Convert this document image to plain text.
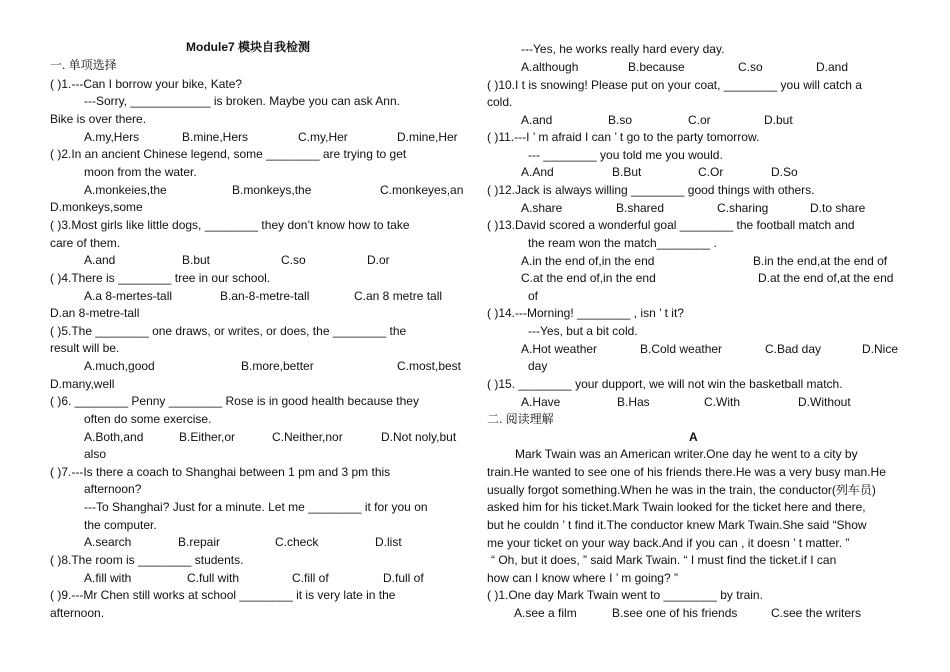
Module7 模块自我检测
一. 单项选择
( )1.---Can I borrow your bike, Kate?
---Sorry, ____________ is broken. Maybe you can ask Ann.
Bike is over there.
A.my,Hers	B.mine,Hers	C.my,Her	D.mine,Her
( )2.In an ancient Chinese legend, some ________ are trying to get
moon from the water.
A.monkeies,the	B.monkeys,the	C.monkeyes,an
D.monkeys,some
( )3.Most girls like little dogs, ________ they don’t know how to take
care of them.
A.and	B.but	C.so	D.or
( )4.There is ________ tree in our school.
A.a 8-mertes-tall	B.an-8-metre-tall	C.an 8 metre tall
D.an 8-metre-tall
( )5.The ________ one draws, or writes, or does, the ________ the
result will be.
A.much,good	B.more,better	C.most,best
D.many,well
( )6. ________ Penny ________ Rose is in good health because they
often do some exercise.
A.Both,and	B.Either,or	C.Neither,nor	D.Not noly,but
also
( )7.---Is there a coach to Shanghai between 1 pm and 3 pm this
afternoon?
---To Shanghai? Just for a minute. Let me ________ it for you on
the computer.
A.search	B.repair	C.check	D.list
( )8.The room is ________ students.
A.fill with	C.full with	C.fill of	D.full of
( )9.---Mr Chen still works at school ________ it is very late in the
afternoon.
---Yes, he works really hard every day.
A.although	B.because	C.so	D.and
( )10.I t is snowing! Please put on your coat, ________ you will catch a
cold.
A.and	B.so	C.or	D.but
( )11.---I ’ m afraid I can ’ t go to the party tomorrow.
--- ________ you told me you would.
A.And	B.But	C.Or	D.So
( )12.Jack is always willing ________ good things with others.
A.share	B.shared	C.sharing	D.to share
( )13.David scored a wonderful goal ________ the football match and
the ream won the match________ .
A.in the end of,in the end	B.in the end,at the end of
C.at the end of,in the end	D.at the end of,at the end
of
( )14.---Morning! ________ , isn ’ t it?
---Yes, but a bit cold.
A.Hot weather	B.Cold weather	C.Bad day	D.Nice
day
( )15. ________ your dupport, we will not win the basketball match.
A.Have	B.Has	C.With	D.Without
二. 阅读理解
A
Mark Twain was an American writer.One day he went to a city by
train.He wanted to see one of his friends there.He was a very busy man.He
usually forgot something.When he was in the train, the conductor(列车员)
asked him for his ticket.Mark Twain looked for the ticket here and there,
but he couldn ’ t find it.The conductor knew Mark Twain.She said “Show
me your ticket on your way back.And if you can , it doesn ’ t matter. ”
“ Oh, but it does, ” said Mark Twain. “ I must find the ticket.if I can
how can I know where I ’ m going? ”
( )1.One day Mark Twain went to ________ by train.
A.see a film	B.see one of his friends	C.see the writers
